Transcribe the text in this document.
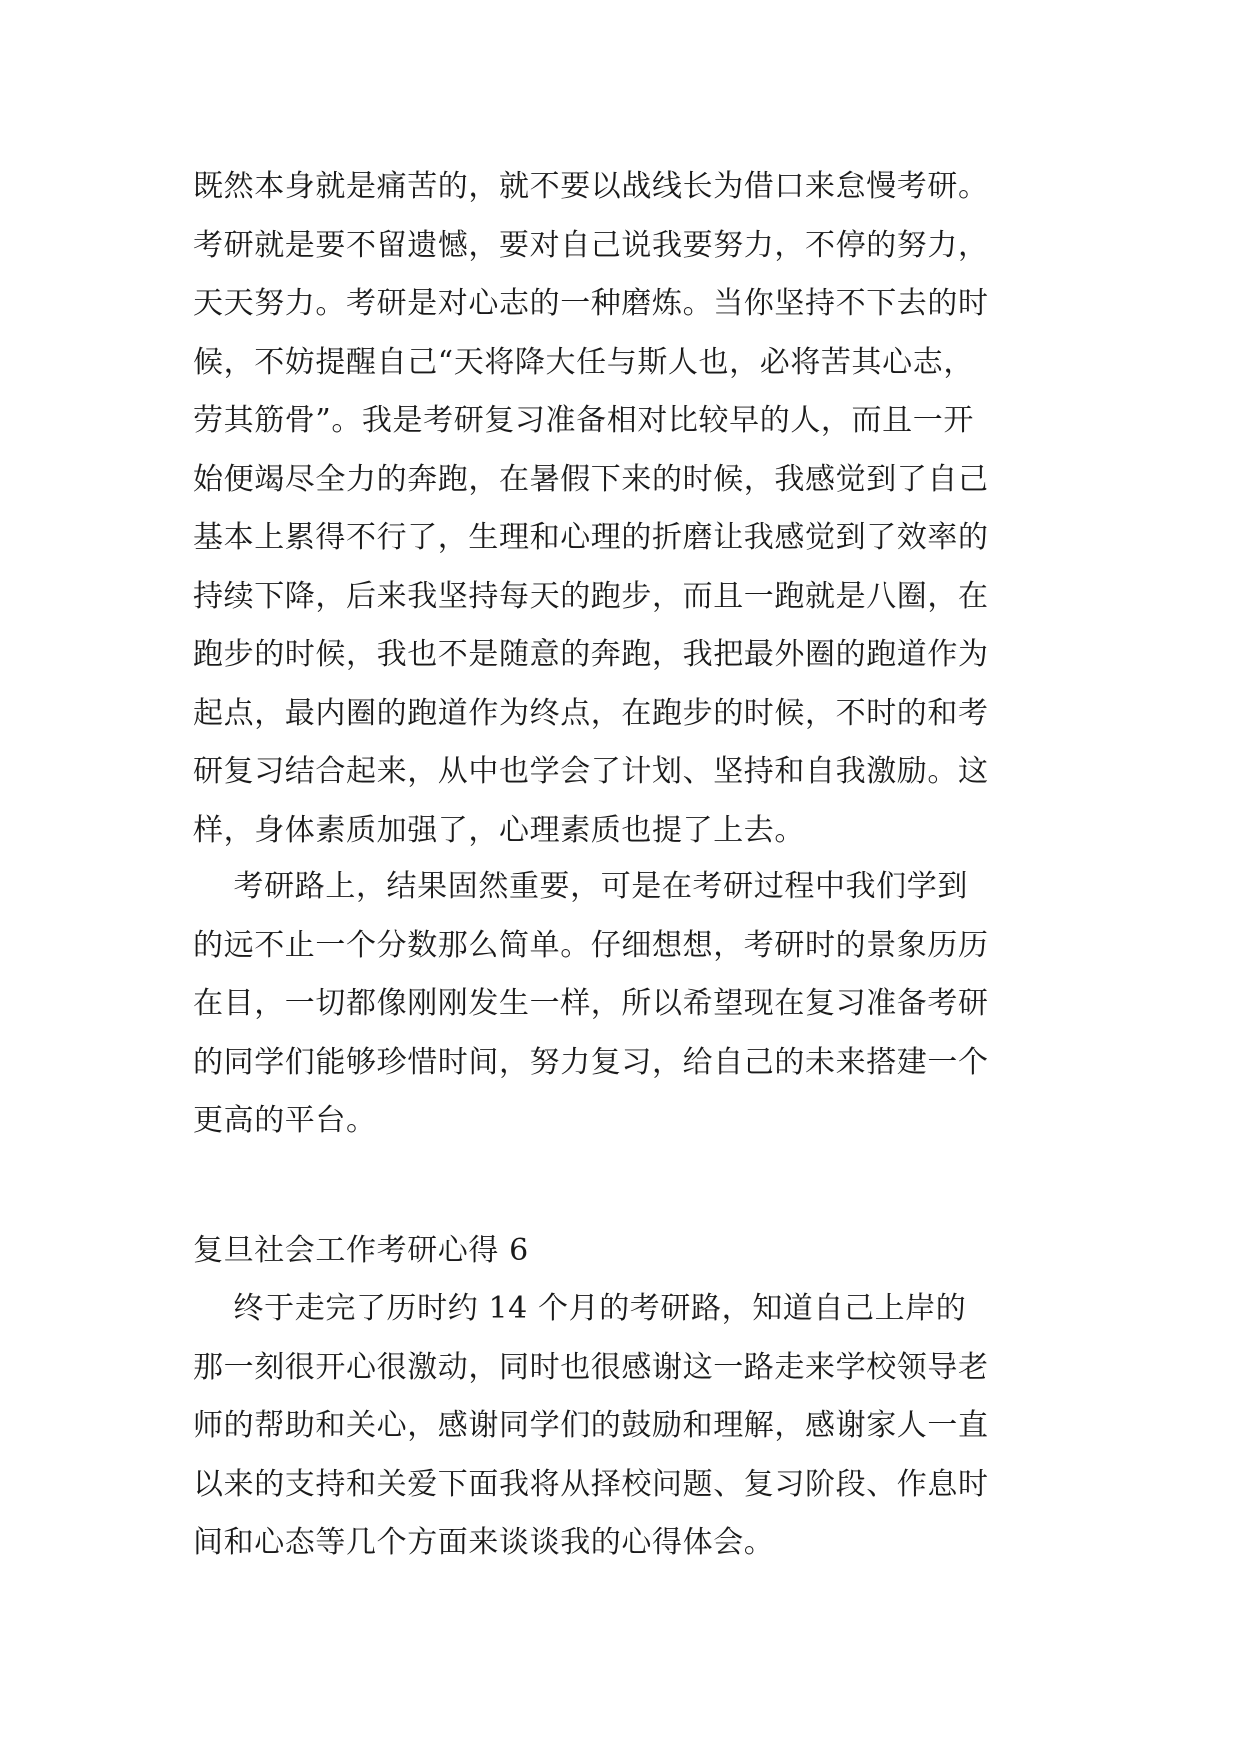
既然本身就是痛苦的，就不要以战线长为借口来怠慢考研。
考研就是要不留遗憾，要对自己说我要努力，不停的努力，
天天努力。考研是对心志的一种磨炼。当你坚持不下去的时
候，不妨提醒自己“天将降大任与斯人也，必将苦其心志，
劳其筋骨”。我是考研复习准备相对比较早的人，而且一开
始便竭尽全力的奔跑，在暑假下来的时候，我感觉到了自己
基本上累得不行了，生理和心理的折磨让我感觉到了效率的
持续下降，后来我坚持每天的跑步，而且一跑就是八圈，在
跑步的时候，我也不是随意的奔跑，我把最外圈的跑道作为
起点，最内圈的跑道作为终点，在跑步的时候，不时的和考
研复习结合起来，从中也学会了计划、坚持和自我激励。这
样，身体素质加强了，心理素质也提了上去。

考研路上，结果固然重要，可是在考研过程中我们学到
的远不止一个分数那么简单。仔细想想，考研时的景象历历
在目，一切都像刚刚发生一样，所以希望现在复习准备考研
的同学们能够珍惜时间，努力复习，给自己的未来搭建一个
更高的平台。

复旦社会工作考研心得 6

终于走完了历时约 14 个月的考研路，知道自己上岸的
那一刻很开心很激动，同时也很感谢这一路走来学校领导老
师的帮助和关心，感谢同学们的鼓励和理解，感谢家人一直
以来的支持和关爱下面我将从择校问题、复习阶段、作息时
间和心态等几个方面来谈谈我的心得体会。
